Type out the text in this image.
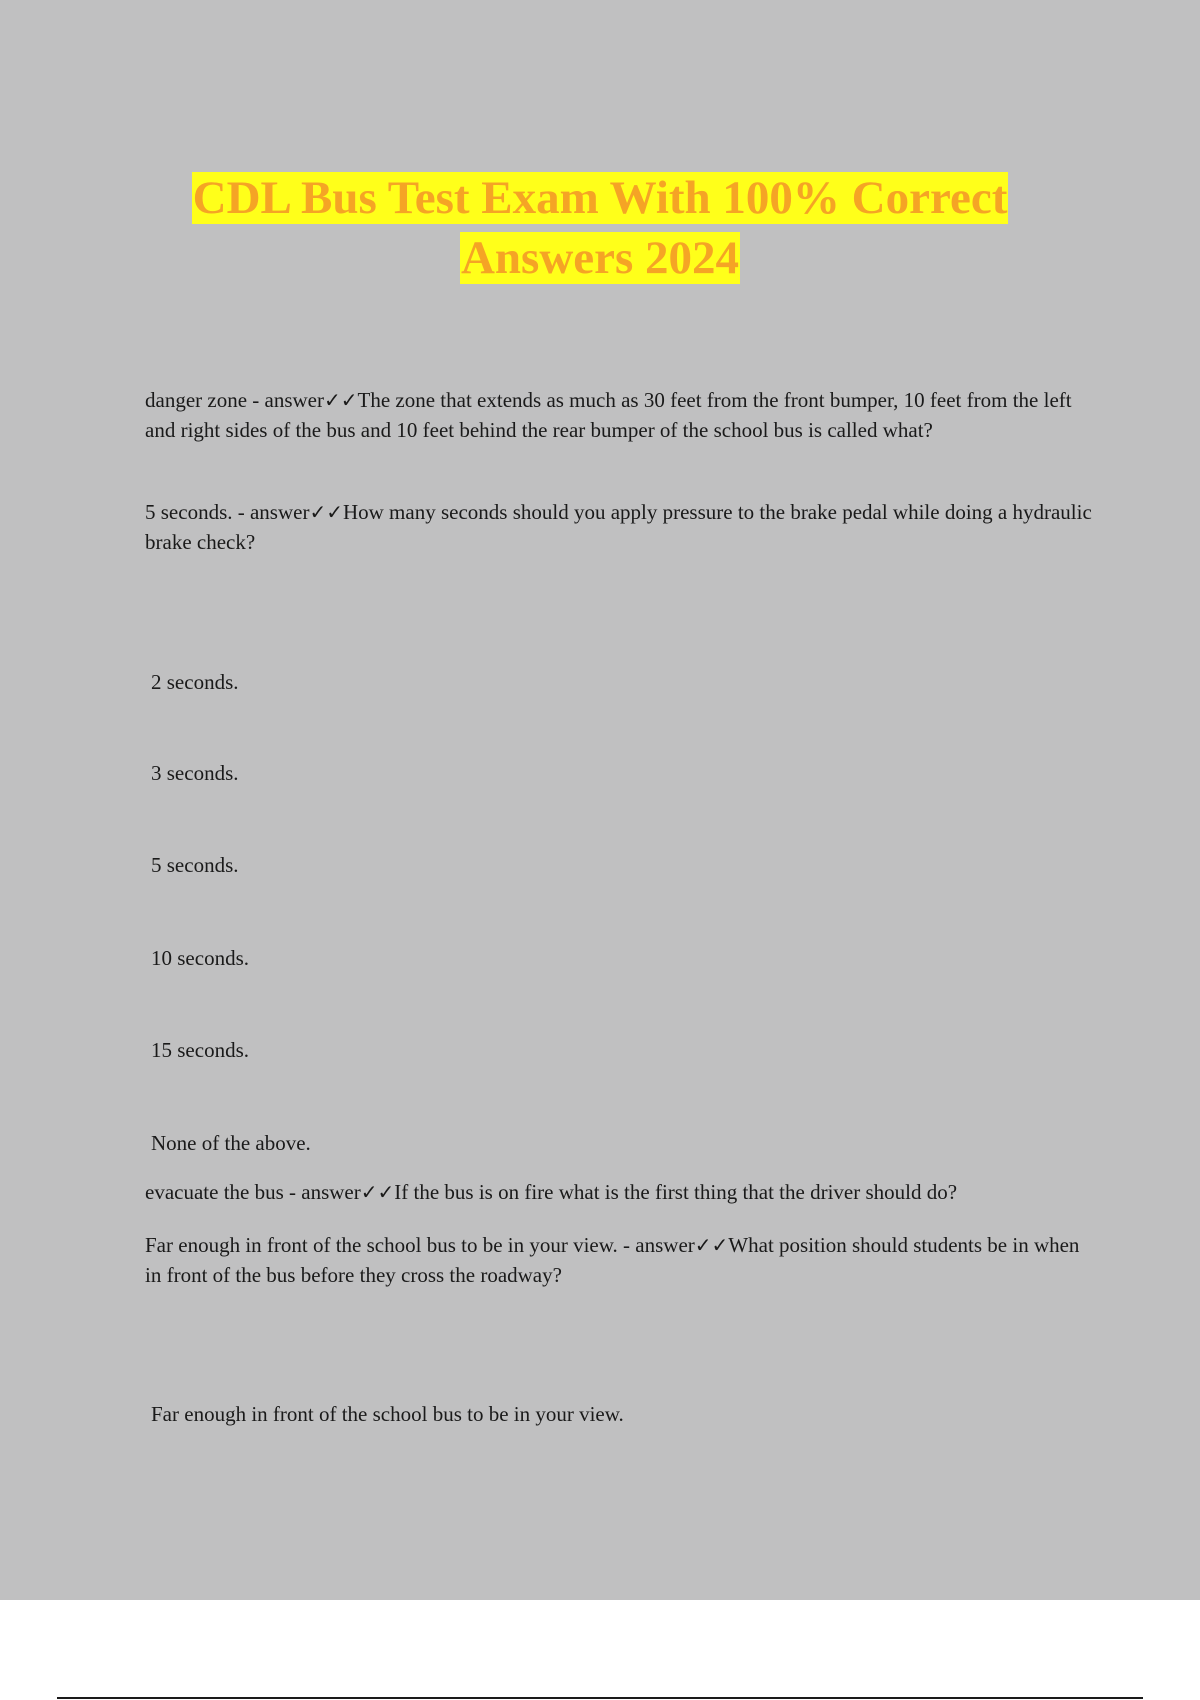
CDL Bus Test Exam With 100% Correct
Answers 2024

danger zone - answer✓✓The zone that extends as much as 30 feet from the front bumper, 10 feet from the left and right sides of the bus and 10 feet behind the rear bumper of the school bus is called what?

5 seconds. - answer✓✓How many seconds should you apply pressure to the brake pedal while doing a hydraulic brake check?

2 seconds.

3 seconds.

5 seconds.

10 seconds.

15 seconds.

None of the above.

evacuate the bus - answer✓✓If the bus is on fire what is the first thing that the driver should do?

Far enough in front of the school bus to be in your view. - answer✓✓What position should students be in when in front of the bus before they cross the roadway?

Far enough in front of the school bus to be in your view.
